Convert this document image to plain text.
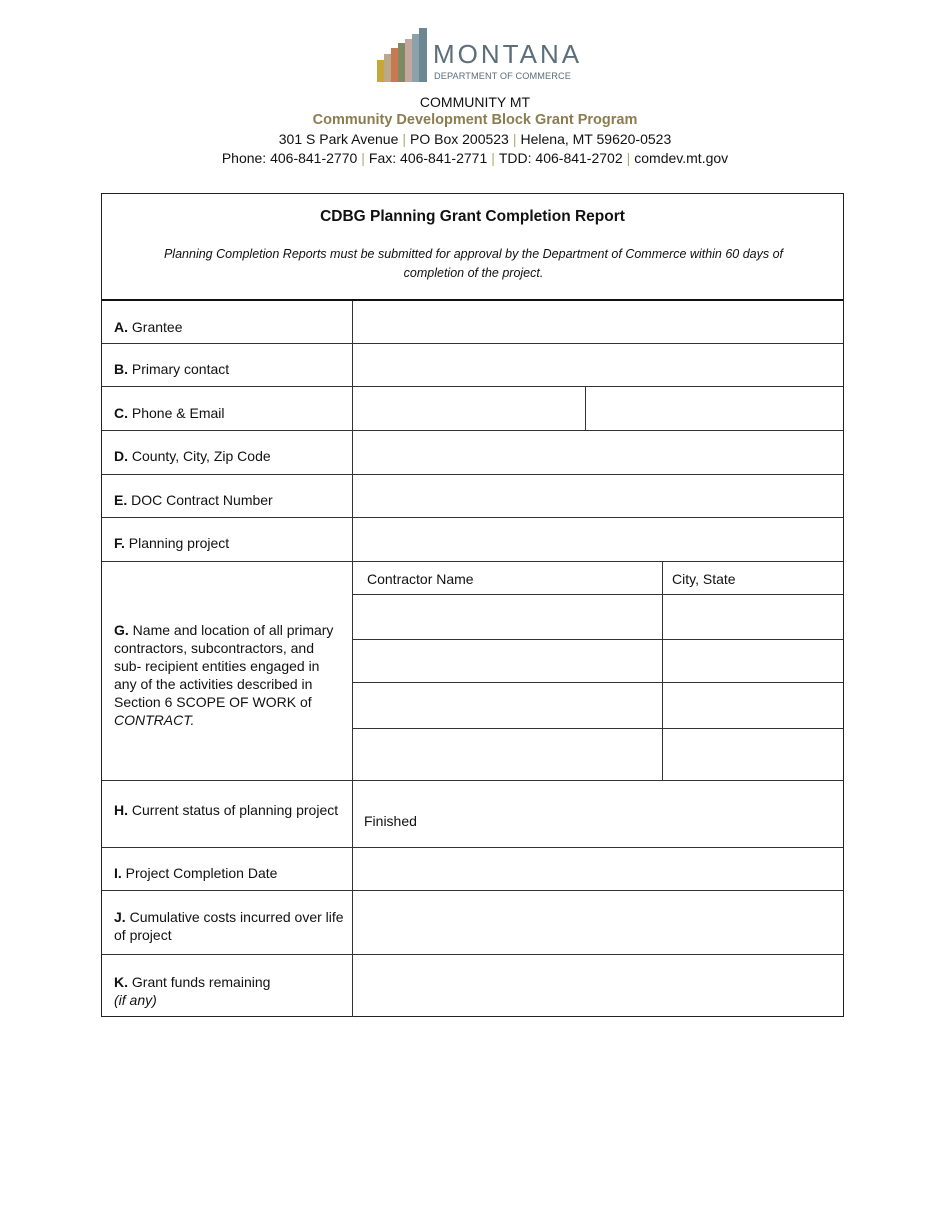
MONTANA
DEPARTMENT OF COMMERCE
COMMUNITY MT
Community Development Block Grant Program
301 S Park Avenue | PO Box 200523 | Helena, MT 59620-0523
Phone: 406-841-2770 | Fax: 406-841-2771 | TDD: 406-841-2702 | comdev.mt.gov
CDBG Planning Grant Completion Report
Planning Completion Reports must be submitted for approval by the Department of Commerce within 60 days of completion of the project.
A. Grantee
B. Primary contact
C. Phone & Email
D. County, City, Zip Code
E. DOC Contract Number
F. Planning project
G. Name and location of all primary contractors, subcontractors, and sub- recipient entities engaged in any of the activities described in Section 6 SCOPE OF WORK of CONTRACT.
H. Current status of planning project
I. Project Completion Date
J. Cumulative costs incurred over life of project
K. Grant funds remaining
(if any)
Contractor Name	City, State
Finished
